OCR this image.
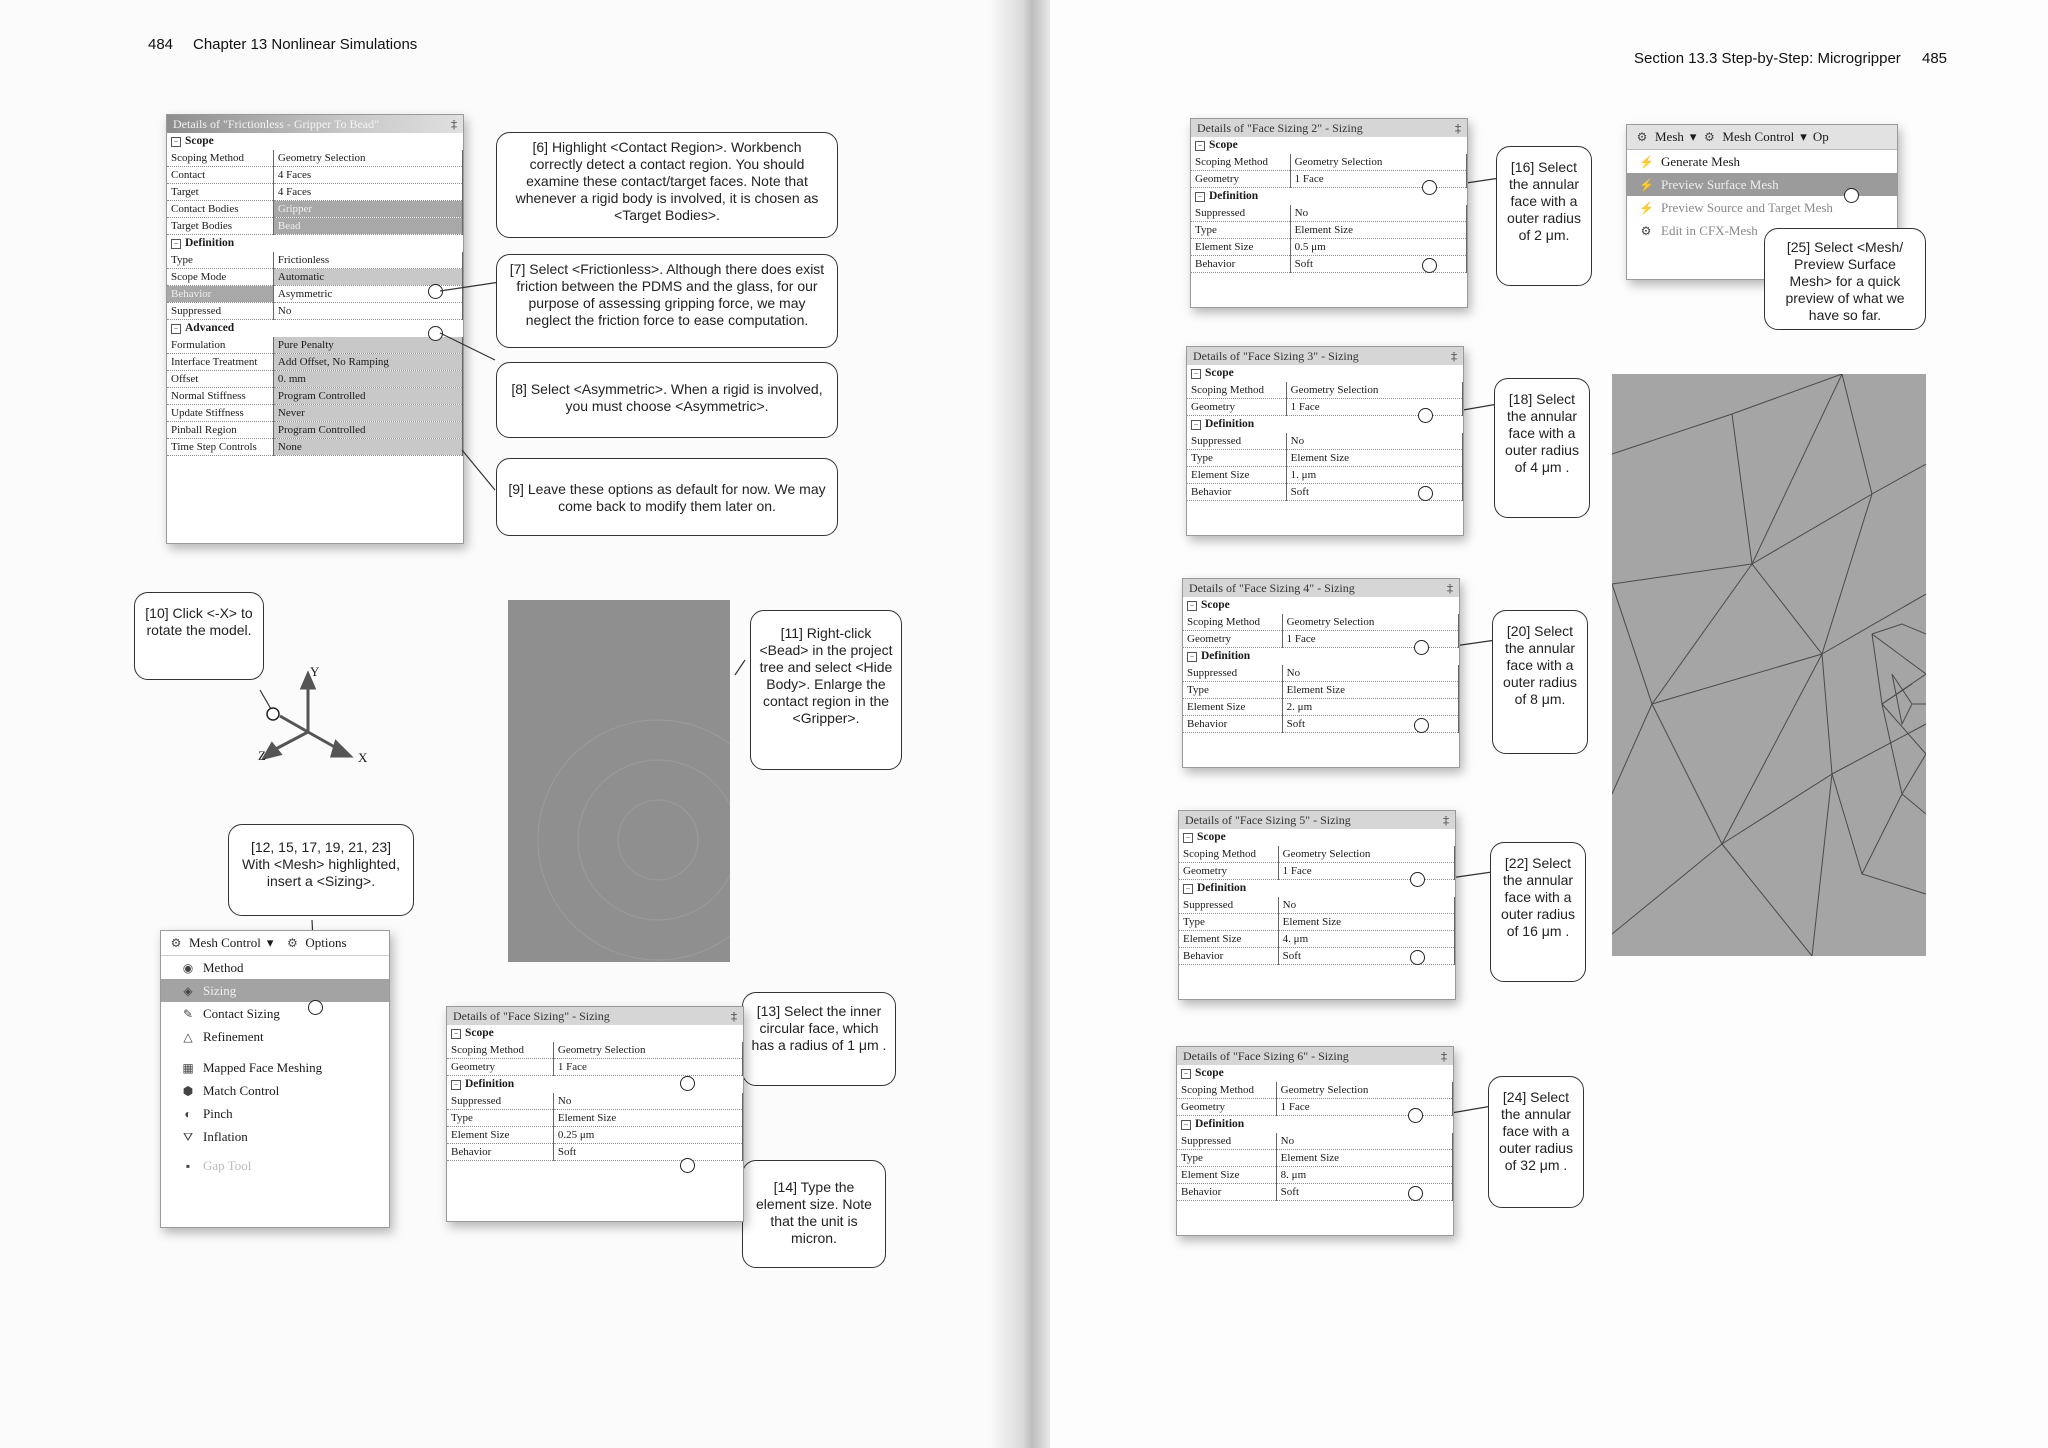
484 Chapter 13 Nonlinear Simulations
Section 13.3 Step-by-Step: Microgripper 485
Details of "Frictionless - Gripper To Bead"	‡
− Scope
Scoping Method	Geometry Selection
Contact	4 Faces
Target	4 Faces
Contact Bodies	Gripper
Target Bodies	Bead
− Definition
Type	Frictionless
Scope Mode	Automatic
Behavior	Asymmetric
Suppressed	No
− Advanced
Formulation	Pure Penalty
Interface Treatment	Add Offset, No Ramping
Offset	0. mm
Normal Stiffness	Program Controlled
Update Stiffness	Never
Pinball Region	Program Controlled
Time Step Controls	None
[6] Highlight <Contact Region>. Workbench correctly detect a contact region. You should examine these contact/target faces. Note that whenever a rigid body is involved, it is chosen as <Target Bodies>.
[7] Select <Frictionless>. Although there does exist friction between the PDMS and the glass, for our purpose of assessing gripping force, we may neglect the friction force to ease computation.
[8] Select <Asymmetric>. When a rigid is involved, you must choose <Asymmetric>.
[9] Leave these options as default for now. We may come back to modify them later on.
[10] Click <-X> to rotate the model.	[11] Right-click <Bead> in the project tree and select <Hide Body>. Enlarge the contact region in the <Gripper>.
[12, 15, 17, 19, 21, 23] With <Mesh> highlighted, insert a <Sizing>.
[13] Select the inner circular face, which has a radius of 1 μm .
[14] Type the element size. Note that the unit is micron.
Y
Z	X
⚙ Mesh Control ▾ ⚙ Options
◉ Method
◈ Sizing
✎ Contact Sizing
△ Refinement
▦ Mapped Face Meshing
⬢ Match Control
◐ Pinch
⛛ Inflation
▪ Gap Tool
Details of "Face Sizing" - Sizing	‡
− Scope
Scoping Method	Geometry Selection
Geometry	1 Face
− Definition
Suppressed	No
Type	Element Size
Element Size	0.25 μm
Behavior	Soft
Details of "Face Sizing 2" - Sizing	‡
− Scope
Scoping Method	Geometry Selection
Geometry	1 Face
− Definition
Suppressed	No
Type	Element Size
Element Size	0.5 μm
Behavior	Soft
[16] Select the annular face with a outer radius of 2 μm.
Details of "Face Sizing 3" - Sizing	‡
− Scope
Scoping Method	Geometry Selection
Geometry	1 Face
− Definition
Suppressed	No
Type	Element Size
Element Size	1. μm
Behavior	Soft
[18] Select the annular face with a outer radius of 4 μm .
Details of "Face Sizing 4" - Sizing	‡
− Scope
Scoping Method	Geometry Selection
Geometry	1 Face
− Definition
Suppressed	No
Type	Element Size
Element Size	2. μm
Behavior	Soft
[20] Select the annular face with a outer radius of 8 μm.
Details of "Face Sizing 5" - Sizing	‡
− Scope
Scoping Method	Geometry Selection
Geometry	1 Face
− Definition
Suppressed	No
Type	Element Size
Element Size	4. μm
Behavior	Soft
[22] Select the annular face with a outer radius of 16 μm .
Details of "Face Sizing 6" - Sizing	‡
− Scope
Scoping Method	Geometry Selection
Geometry	1 Face
− Definition
Suppressed	No
Type	Element Size
Element Size	8. μm
Behavior	Soft
[24] Select the annular face with a outer radius of 32 μm .
⚙ Mesh ▾ ⚙ Mesh Control ▾ Op
⚡ Generate Mesh
⚡ Preview Surface Mesh
⚡ Preview Source and Target Mesh
⚙ Edit in CFX-Mesh
[25] Select <Mesh/ Preview Surface Mesh> for a quick preview of what we have so far.
